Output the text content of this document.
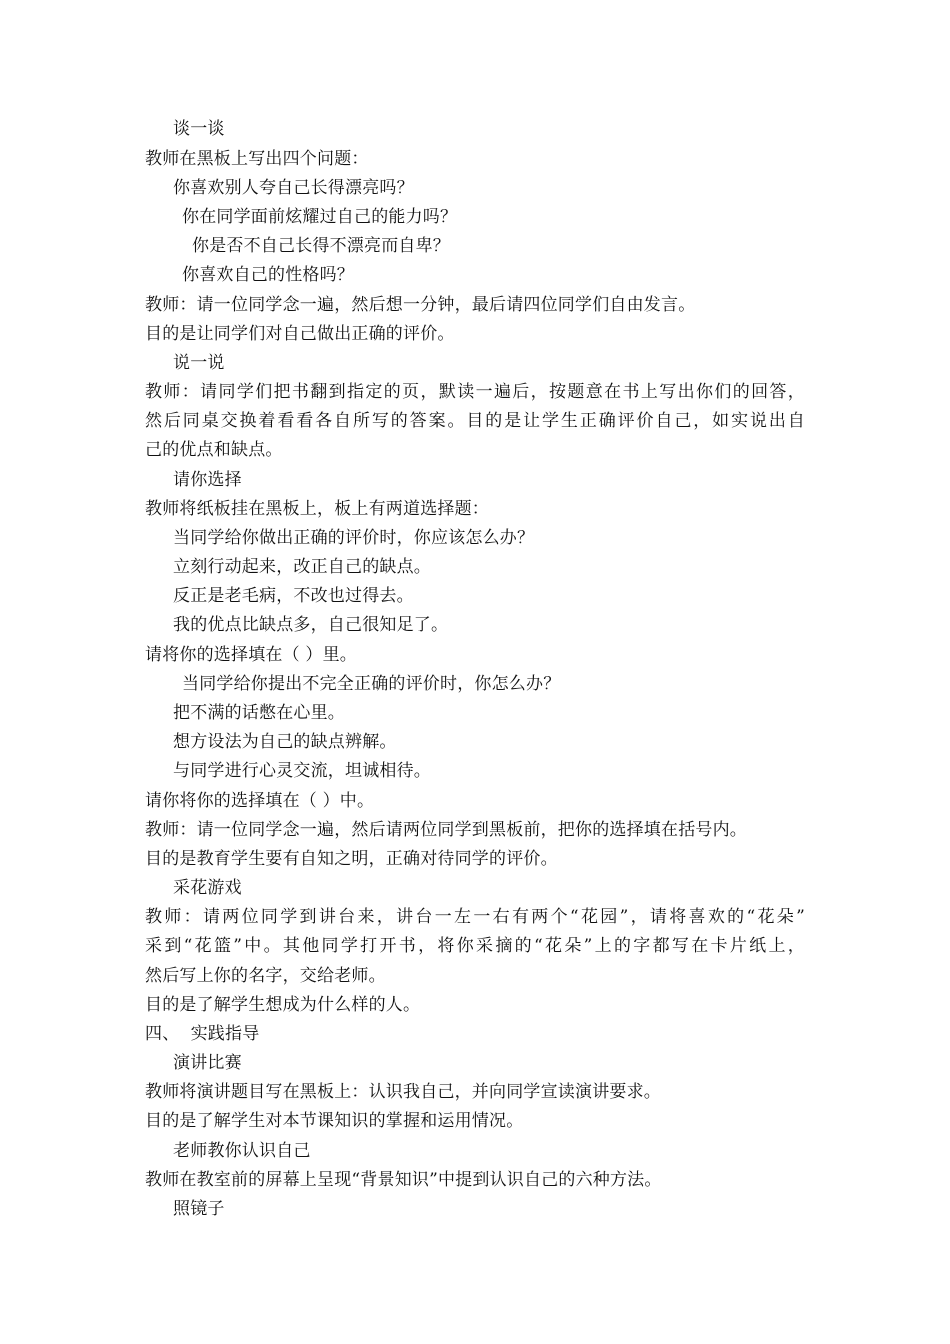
谈一谈
教师在黑板上写出四个问题：
你喜欢别人夸自己长得漂亮吗？
你在同学面前炫耀过自己的能力吗？
你是否不自己长得不漂亮而自卑？
你喜欢自己的性格吗？
教师：请一位同学念一遍，然后想一分钟，最后请四位同学们自由发言。
目的是让同学们对自己做出正确的评价。
说一说
教师：请同学们把书翻到指定的页，默读一遍后，按题意在书上写出你们的回答，
然后同桌交换着看看各自所写的答案。目的是让学生正确评价自己，如实说出自
己的优点和缺点。
请你选择
教师将纸板挂在黑板上，板上有两道选择题：
当同学给你做出正确的评价时，你应该怎么办？
立刻行动起来，改正自己的缺点。
反正是老毛病，不改也过得去。
我的优点比缺点多，自己很知足了。
请将你的选择填在（ ）里。
当同学给你提出不完全正确的评价时，你怎么办？
把不满的话憋在心里。
想方设法为自己的缺点辨解。
与同学进行心灵交流，坦诚相待。
请你将你的选择填在（ ）中。
教师：请一位同学念一遍，然后请两位同学到黑板前，把你的选择填在括号内。
目的是教育学生要有自知之明，正确对待同学的评价。
采花游戏
教师：请两位同学到讲台来，讲台一左一右有两个“花园”，请将喜欢的“花朵”
采到“花篮”中。其他同学打开书，将你采摘的“花朵”上的字都写在卡片纸上，
然后写上你的名字，交给老师。
目的是了解学生想成为什么样的人。
四、  实践指导
演讲比赛
教师将演讲题目写在黑板上：认识我自己，并向同学宣读演讲要求。
目的是了解学生对本节课知识的掌握和运用情况。
老师教你认识自己
教师在教室前的屏幕上呈现“背景知识”中提到认识自己的六种方法。
照镜子
